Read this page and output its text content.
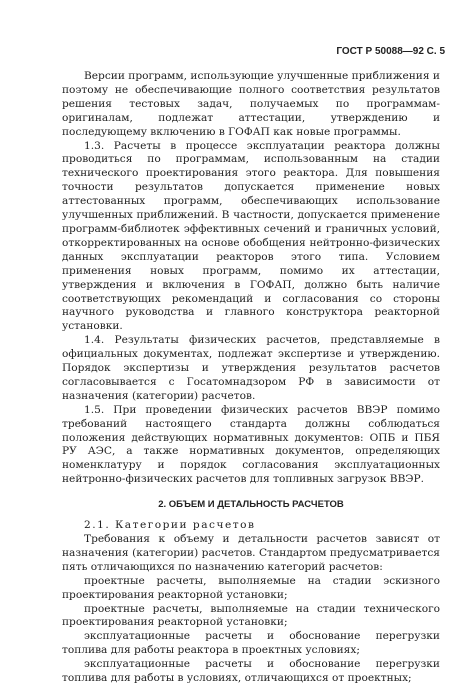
ГОСТ Р 50088—92 С. 5

Версии программ, использующие улучшенные приближения и поэтому не обеспечивающие полного соответствия результатов решения тестовых задач, получаемых по программам-оригиналам, подлежат аттестации, утверждению и последующему включению в ГОФАП как новые программы.

1.3. Расчеты в процессе эксплуатации реактора должны проводиться по программам, использованным на стадии технического проектирования этого реактора. Для повышения точности результатов допускается применение новых аттестованных программ, обеспечивающих использование улучшенных приближений. В частности, допускается применение программ-библиотек эффективных сечений и граничных условий, откорректированных на основе обобщения нейтронно-физических данных эксплуатации реакторов этого типа. Условием применения новых программ, помимо их аттестации, утверждения и включения в ГОФАП, должно быть наличие соответствующих рекомендаций и согласования со стороны научного руководства и главного конструктора реакторной установки.

1.4. Результаты физических расчетов, представляемые в официальных документах, подлежат экспертизе и утверждению. Порядок экспертизы и утверждения результатов расчетов согласовывается с Госатомнадзором РФ в зависимости от назначения (категории) расчетов.

1.5. При проведении физических расчетов ВВЭР помимо требований настоящего стандарта должны соблюдаться положения действующих нормативных документов: ОПБ и ПБЯ РУ АЭС, а также нормативных документов, определяющих номенклатуру и порядок согласования эксплуатационных нейтронно-физических расчетов для топливных загрузок ВВЭР.

2. ОБЪЕМ И ДЕТАЛЬНОСТЬ РАСЧЕТОВ

2.1. Категории расчетов

Требования к объему и детальности расчетов зависят от назначения (категории) расчетов. Стандартом предусматривается пять отличающихся по назначению категорий расчетов:

проектные расчеты, выполняемые на стадии эскизного проектирования реакторной установки;

проектные расчеты, выполняемые на стадии технического проектирования реакторной установки;

эксплуатационные расчеты и обоснование перегрузки топлива для работы реактора в проектных условиях;

эксплуатационные расчеты и обоснование перегрузки топлива для работы в условиях, отличающихся от проектных;
